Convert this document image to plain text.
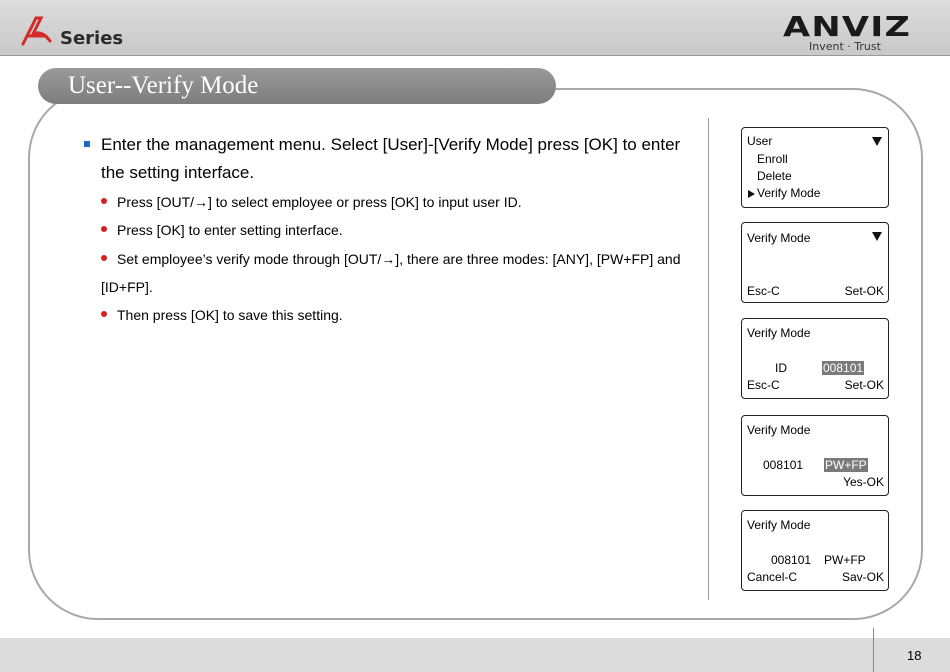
Series	ANVIZ
Invent · Trust
User--Verify Mode
Enter the management menu. Select [User]-[Verify Mode] press [OK] to enter the setting interface.
Press [OUT/→] to select employee or press [OK] to input user ID.
Press [OK] to enter setting interface.
Set employee’s verify mode through [OUT/→], there are three modes: [ANY], [PW+FP] and
[ID+FP].
Then press [OK] to save this setting.
User
Enroll
Delete
Verify Mode
Verify Mode
Esc-C	Set-OK
Verify Mode
ID	008101
Esc-C	Set-OK
Verify Mode
008101 PW+FP
Yes-OK
Verify Mode
008101 PW+FP
Cancel-C	Sav-OK
18
